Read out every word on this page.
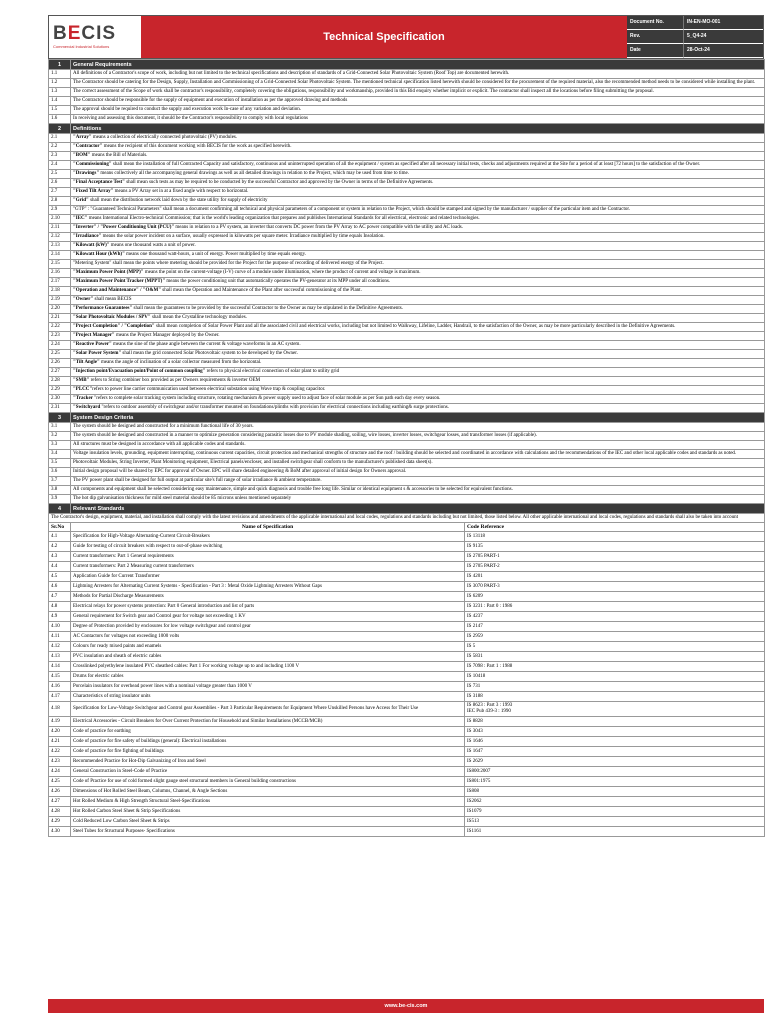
BECIS
Commercial Industrial Solutions
Technical Specification
Document No.	IN-EN-MO-001
Rev.	5_Q4-24
Date	28-Oct-24
1	General Requirements	
1.1	All definitions of a Contractor's scope of work, including but not limited to the technical specifications and description of standards of a Grid-Connected Solar Photovoltaic System (Roof Top) are documented herewith.	
1.2	The Contractor should be catering for the Design, Supply, Installation and Commissioning of a Grid-Connected Solar Photovoltaic System. The mentioned technical specification listed herewith should be considered for the procurement of the required material, also the recommended method needs to be considered while installing the plant.	
1.3	The correct assessment of the Scope of work shall be contractor's responsibility, completely covering the obligations, responsibility and workmanship, provided in this Bid enquiry whether implicit or explicit. The contractor shall inspect all the locations before filing submitting the proposal.	
1.4	The Contractor should be responsible for the supply of equipment and execution of installation as per the approved drawing and methods	
1.5	The approval should be required to conduct the supply and execution work In-case of any variation and deviation.	
1.6	In receiving and assessing this document, it should be the Contractor's responsibility to comply with local regulations	
2	Definitions	
2.1	"Array" means a collection of electrically connected photovoltaic (PV) modules.	
2.2	"Contractor" means the recipient of this document working with BECIS for the work as specified herewith.	
2.3	"BOM" means the Bill of Materials.	
2.4	"Commissioning" shall mean the installation of full Contracted Capacity and satisfactory, continuous and uninterrupted operation of all the equipment / system as specified after all necessary initial tests, checks and adjustments required at the Site for a period of at least [72 hours] to the satisfaction of the Owner.	
2.5	"Drawings" means collectively all the accompanying general drawings as well as all detailed drawings in relation to the Project, which may be used from time to time.	
2.6	"Final Acceptance Test" shall mean such tests as may be required to be conducted by the successful Contractor and approved by the Owner in terms of the Definitive Agreements.	
2.7	"Fixed Tilt Array" means a PV Array set in at a fixed angle with respect to horizontal.	
2.8	"Grid" shall mean the distribution network laid down by the state utility for supply of electricity	
2.9	"GTP" : "Guaranteed Technical Parameters" shall mean a document confirming all technical and physical parameters of a component or system in relation to the Project, which should be stamped and signed by the manufacturer / supplier of the particular item and the Contractor.	
2.10	"IEC" means International Electro-technical Commission; that is the world's leading organization that prepares and publishes International Standards for all electrical, electronic and related technologies.	
2.11	"Inverter" / "Power Conditioning Unit (PCU)" means in relation to a PV system, an inverter that converts DC power from the PV Array to AC power compatible with the utility and AC loads.	
2.12	"Irradiance" means the solar power incident on a surface, usually expressed in kilowatts per square meter. Irradiance multiplied by time equals Insolation.	
2.13	"Kilowatt (kW)" means one thousand watts a unit of power.	
2.14	"Kilowatt Hour (kWh)" means one thousand watt-hours, a unit of energy. Power multiplied by time equals energy.	
2.15	"Metering System" shall mean the points where metering should be provided for the Project for the purpose of recording of delivered energy of the Project.	
2.16	"Maximum Power Point (MPP)" means the point on the current-voltage (I-V) curve of a module under illumination, where the product of current and voltage is maximum.	
2.17	"Maximum Power Point Tracker (MPPT)" means the power conditioning unit that automatically operates the PV-generator at its MPP under all conditions.	
2.18	"Operation and Maintenance" / "O&M" shall mean the Operation and Maintenance of the Plant after successful commissioning of the Plant.	
2.19	"Owner" shall mean BECIS	
2.20	"Performance Guarantees" shall mean the guarantees to be provided by the successful Contractor to the Owner as may be stipulated in the Definitive Agreements.	
2.21	"Solar Photovoltaic Modules / SPV" shall mean the Crystalline technology modules.	
2.22	"Project Completion" / "Completion" shall mean completion of Solar Power Plant and all the associated civil and electrical works, including but not limited to Walkway, Lifeline, Ladder, Handrail, to the satisfaction of the Owner, as may be more particularly described in the Definitive Agreements.	
2.23	"Project Manager" means the Project Manager deployed by the Owner.	
2.24	"Reactive Power" means the sine of the phase angle between the current & voltage waveforms in an AC system.	
2.25	"Solar Power System" shall mean the grid connected Solar Photovoltaic system to be developed by the Owner.	
2.26	"Tilt Angle" means the angle of inclination of a solar collector measured from the horizontal.	
2.27	"Injection point/Evacuation point/Point of common coupling" refers to physical electrical connection of solar plant to utility grid	
2.28	"SMB" refers to String combiner box provided as per Owners requirements & inverter OEM	
2.29	"PLCC"refers to power line carrier communication used between electrical substation using Wave trap & coupling capacitor.	
2.30	"Tracker "refers to complete solar tracking system including structure, rotating mechanism & power supply used to adjust face of solar module as per Sun path each day every season.	
2.31	"Switchyard "refers to outdoor assembly of switchgear and/or transformer mounted on foundations/plinths with provision for electrical connections including earthing& surge protections.	
3	System Design Criteria	
3.1	The system should be designed and constructed for a minimum functional life of 30 years.	
3.2	The system should be designed and constructed in a manner to optimize generation considering parasitic losses due to PV module shading, soiling, wire losses, inverter losses, switchgear losses, and transformer losses (if applicable).	
3.3	All structures must be designed in accordance with all applicable codes and standards.	
3.4	Voltage insulation levels, grounding, equipment interrupting, continuous current capacities, circuit protection and mechanical strengths of structure and the roof / building should be selected and coordinated in accordance with calculations and the recommendations of the IEC and other local applicable codes and standards as noted.	
3.5	Photovoltaic Modules, String Inverter, Plant Monitoring equipment, Electrical panels/encloser, and installed switchgear shall conform to the manufacturer's published data sheet(s).	
3.6	Initial design proposal will be shared by EPC for approval of Owner. EPC will share detailed engineering & BoM after approval of initial design for Owners approval.	
3.7	The PV power plant shall be designed for full output at particular site's full range of solar irradiance & ambient temperature.	
3.8	All components and equipment shall be selected considering easy maintenance, simple and quick diagnosis and trouble free long life. Similar or identical equipment s & accessories to be selected for equivalent functions.	
3.9	The hot dip galvanisation thickness for mild steel material should be 85 microns unless mentioned separately	
4	Relevant Standards	
The Contractor's design, equipment, material, and installation shall comply with the latest revisions and amendments of the applicable international and local codes, regulations and standards including but not limited, those listed below. All other applicable international and local codes, regulations and standards shall also be taken into account		
Sr.No	Name of Specification	Code Reference
4.1	Specification for High-Voltage Alternating-Current Circuit-Breakers	IS 13118
4.2	Guide for testing of circuit breakers with respect to out-of-phase switching	IS 9135
4.3	Current transformers: Part 1 General requirements	IS 2705 PART-1
4.4	Current transformers: Part 2 Measuring current transformers	IS 2705 PART-2
4.5	Application Guide for Current Transformer	IS 4201
4.6	Lightning Arresters for Alternating Current Systems - Specification - Part 3 : Metal Oxide Lightning Arresters Without Gaps	IS 3070 PART-3
4.7	Methods for Partial Discharge Measurements	IS 6209
4.8	Electrical relays for power systems protection: Part 0 General introduction and list of parts	IS 3231 : Part 0 : 1986
4.9	General requirement for Switch gear and Control gear for voltage not exceeding 1 KV	IS 4237
4.10	Degree of Protection provided by enclosures for low voltage switchgear and control gear	IS 2147
4.11	AC Contactors for voltages not exceeding 1000 volts	IS 2959
4.12	Colours for ready mixed paints and enamels	IS 5
4.13	PVC insulation and sheath of electric cables	IS 5831
4.14	Crosslinked polyethylene insulated PVC sheathed cables: Part 1 For working voltage up to and including 1100 V	IS 7098 : Part 1 : 1988
4.15	Drums for electric cables	IS 10418
4.16	Porcelain insulators for overhead power lines with a nominal voltage greater than 1000 V	IS 731
4.17	Characteristics of string insulator units	IS 3188
4.18	Specification for Low-Voltage Switchgear and Control gear Assemblies - Part 3 Particular Requirements for Equipment Where Unskilled Persons have Access for Their Use	IS 8623 : Part 3 : 1993
IEC Pub 439-3 : 1990
4.19	Electrical Accessories - Circuit Breakers for Over Current Protection for Household and Similar Installations (MCCB/MCB)	IS 8828
4.20	Code of practice for earthing	IS 3043
4.21	Code of practice for fire safety of buildings (general): Electrical installations	IS 1646
4.22	Code of practice for fire fighting of buildings	IS 1647
4.23	Recommended Practice for Hot-Dip Galvanizing of Iron and Steel	IS 2629
4.24	General Construction in Steel-Code of Practice	IS800:2007
4.25	Code of Practice for use of cold formed slight gauge steel structural members in General building constructions	IS801:1975
4.26	Dimensions of Hot Rolled Steel Beam, Columns, Channel, & Angle Sections	IS808
4.27	Hot Rolled Medium & High Strength Structural Steel-Specifications	IS2062
4.28	Hot Rolled Carbon Steel Sheet & Strip Specifications	IS1079
4.29	Cold Reduced Low Carbon Steel Sheet & Strips	IS513
4.30	Steel Tubes for Structural Purposes- Specifications	IS1161
www.be-cis.com
